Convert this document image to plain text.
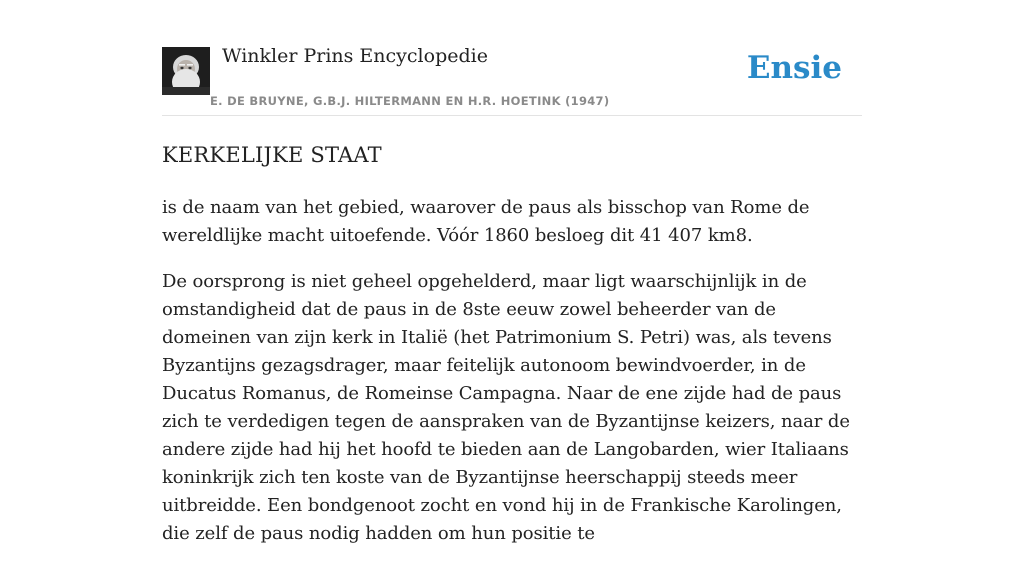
Winkler Prins Encyclopedie
E. DE BRUYNE, G.B.J. HILTERMANN EN H.R. HOETINK (1947)
Ensie
KERKELIJKE STAAT

is de naam van het gebied, waarover de paus als bisschop van Rome de wereldlijke macht uitoefende. Vóór 1860 besloeg dit 41 407 km8.

De oorsprong is niet geheel opgehelderd, maar ligt waarschijnlijk in de omstandigheid dat de paus in de 8ste eeuw zowel beheerder van de domeinen van zijn kerk in Italië (het Patrimonium S. Petri) was, als tevens Byzantijns gezagsdrager, maar feitelijk autonoom bewindvoerder, in de Ducatus Romanus, de Romeinse Campagna. Naar de ene zijde had de paus zich te verdedigen tegen de aanspraken van de Byzantijnse keizers, naar de andere zijde had hij het hoofd te bieden aan de Langobarden, wier Italiaans koninkrijk zich ten koste van de Byzantijnse heerschappij steeds meer uitbreidde. Een bondgenoot zocht en vond hij in de Frankische Karolingen, die zelf de paus nodig hadden om hun positie te
